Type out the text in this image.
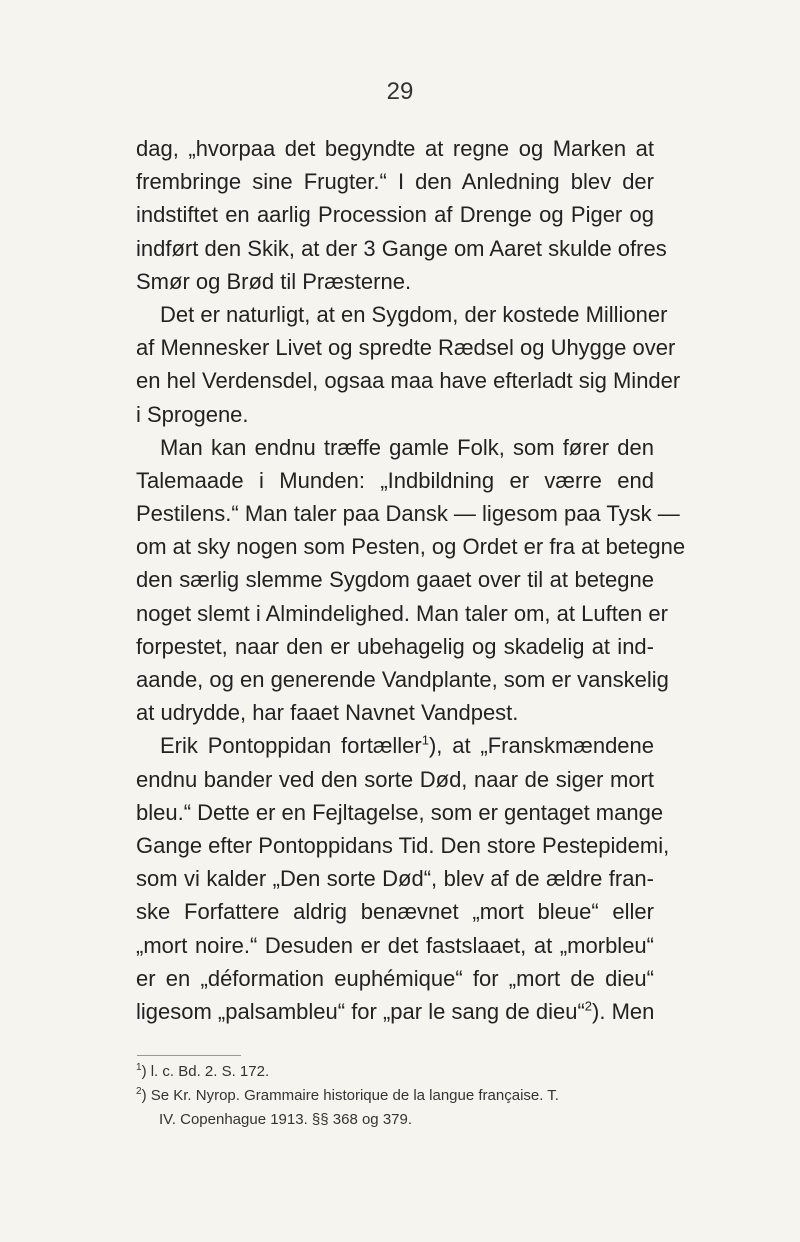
29
dag, „hvorpaa det begyndte at regne og Marken at
frembringe sine Frugter.“ I den Anledning blev der
indstiftet en aarlig Procession af Drenge og Piger og
indført den Skik, at der 3 Gange om Aaret skulde ofres
Smør og Brød til Præsterne.
Det er naturligt, at en Sygdom, der kostede Millioner
af Mennesker Livet og spredte Rædsel og Uhygge over
en hel Verdensdel, ogsaa maa have efterladt sig Minder
i Sprogene.
Man kan endnu træffe gamle Folk, som fører den
Talemaade i Munden: „Indbildning er værre end
Pestilens.“ Man taler paa Dansk — ligesom paa Tysk —
om at sky nogen som Pesten, og Ordet er fra at betegne
den særlig slemme Sygdom gaaet over til at betegne
noget slemt i Almindelighed. Man taler om, at Luften er
forpestet, naar den er ubehagelig og skadelig at ind-
aande, og en generende Vandplante, som er vanskelig
at udrydde, har faaet Navnet Vandpest.
Erik Pontoppidan fortæller$^1$), at „Franskmændene
endnu bander ved den sorte Død, naar de siger mort
bleu.“ Dette er en Fejltagelse, som er gentaget mange
Gange efter Pontoppidans Tid. Den store Pestepidemi,
som vi kalder „Den sorte Død“, blev af de ældre fran-
ske Forfattere aldrig benævnet „mort bleue“ eller
„mort noire.“ Desuden er det fastslaaet, at „morbleu“
er en „déformation euphémique“ for „mort de dieu“
ligesom „palsambleu“ for „par le sang de dieu“$^2$). Men
$^1$) l. c. Bd. 2. S. 172.
$^2$) Se Kr. Nyrop. Grammaire historique de la langue française. T.
IV. Copenhague 1913. §§ 368 og 379.
